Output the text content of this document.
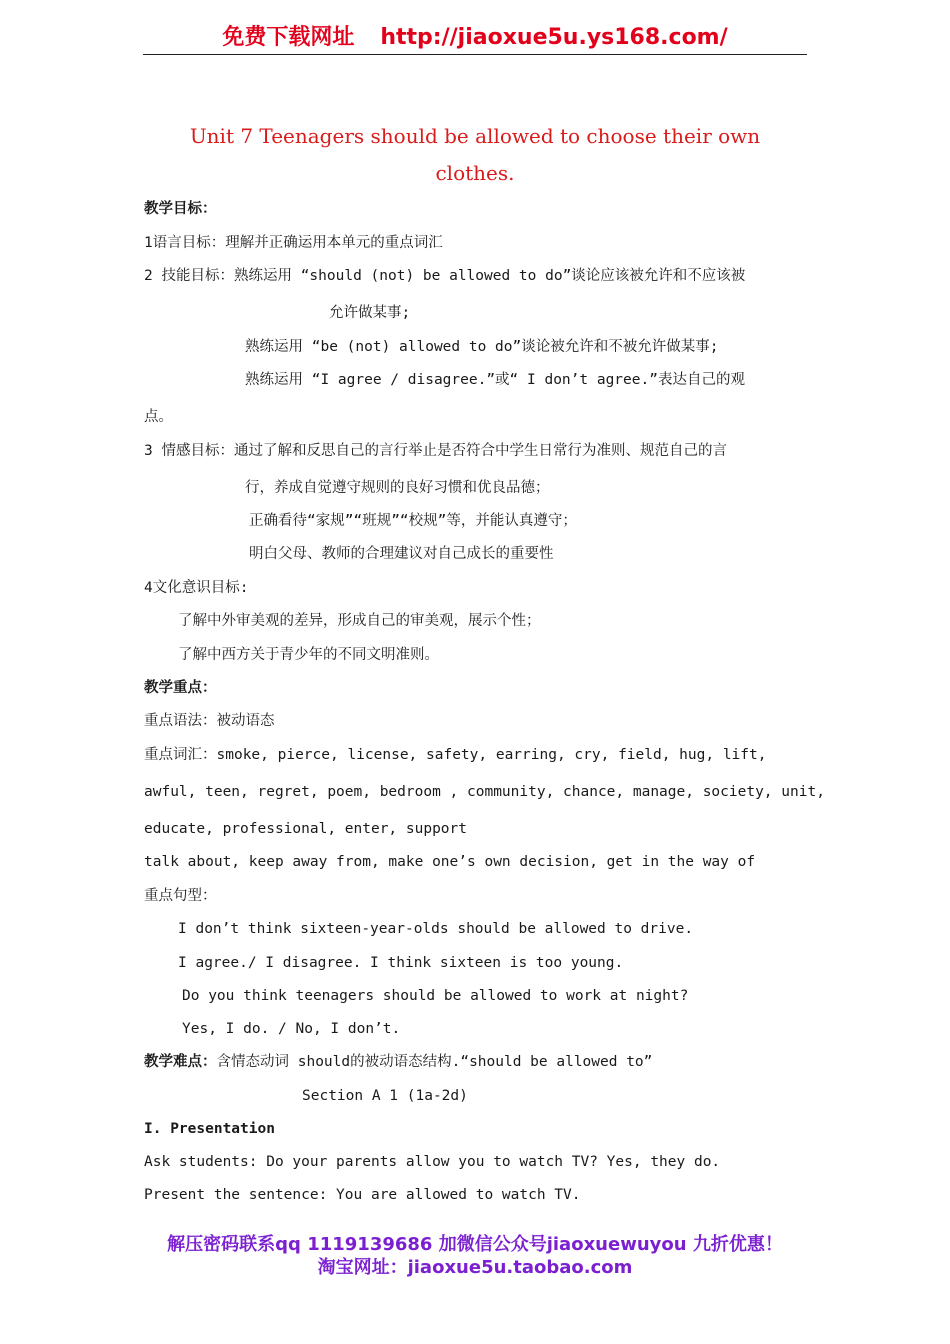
免费下载网址 http://jiaoxue5u.ys168.com/
Unit 7 Teenagers should be allowed to choose their own
clothes.
教学目标：
1语言目标：理解并正确运用本单元的重点词汇
2 技能目标：熟练运用 “should (not) be allowed to do”谈论应该被允许和不应该被
允许做某事;
熟练运用 “be (not) allowed to do”谈论被允许和不被允许做某事;
熟练运用 “I agree / disagree.”或“ I don’t agree.”表达自己的观
点。
3 情感目标：通过了解和反思自己的言行举止是否符合中学生日常行为准则、规范自己的言
行，养成自觉遵守规则的良好习惯和优良品德；
正确看待“家规”“班规”“校规”等，并能认真遵守；
明白父母、教师的合理建议对自己成长的重要性
4文化意识目标:
了解中外审美观的差异，形成自己的审美观，展示个性；
了解中西方关于青少年的不同文明准则。
教学重点：
重点语法：被动语态
重点词汇：smoke, pierce, license, safety, earring, cry, field, hug, lift,
awful, teen, regret, poem, bedroom , community, chance, manage, society, unit,
educate, professional, enter, support
talk about, keep away from, make one’s own decision, get in the way of
重点句型：
I don’t think sixteen-year-olds should be allowed to drive.
I agree./ I disagree. I think sixteen is too young.
Do you think teenagers should be allowed to work at night?
Yes, I do. / No, I don’t.
教学难点：含情态动词 should的被动语态结构.“should be allowed to”
Section A 1 (1a-2d)
I. Presentation
Ask students: Do your parents allow you to watch TV? Yes, they do.
Present the sentence: You are allowed to watch TV.
解压密码联系qq 1119139686 加微信公众号jiaoxuewuyou 九折优惠！
淘宝网址：jiaoxue5u.taobao.com
